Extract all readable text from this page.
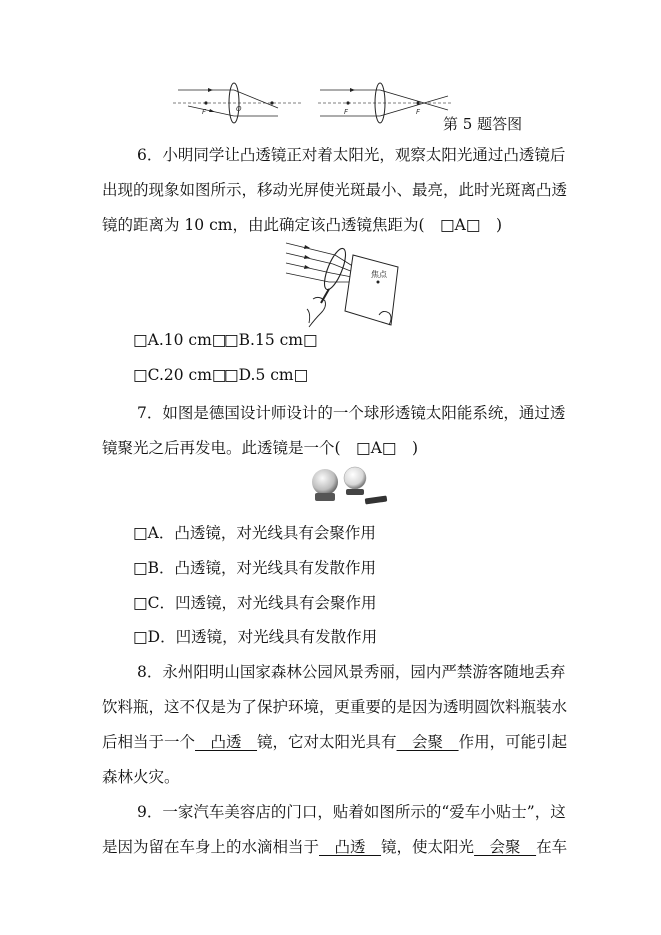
F	O	F	F
第 5 题答图
6．小明同学让凸透镜正对着太阳光，观察太阳光通过凸透镜后
出现的现象如图所示，移动光屏使光斑最小、最亮，此时光斑离凸透
镜的距离为 10 cm，由此确定该凸透镜焦距为(　□A□　)
焦点
□A.10 cm□
□B.15 cm□
□C.20 cm□
□D.5 cm□
7．如图是德国设计师设计的一个球形透镜太阳能系统，通过透
镜聚光之后再发电。此透镜是一个(　□A□　)
□A．凸透镜，对光线具有会聚作用
□B．凸透镜，对光线具有发散作用
□C．凹透镜，对光线具有会聚作用
□D．凹透镜，对光线具有发散作用
8．永州阳明山国家森林公园风景秀丽，园内严禁游客随地丢弃
饮料瓶，这不仅是为了保护环境，更重要的是因为透明圆饮料瓶装水
后相当于一个　凸透　镜，它对太阳光具有　会聚　作用，可能引起
森林火灾。
9．一家汽车美容店的门口，贴着如图所示的“爱车小贴士”，这
是因为留在车身上的水滴相当于　凸透　镜，使太阳光　会聚　在车
